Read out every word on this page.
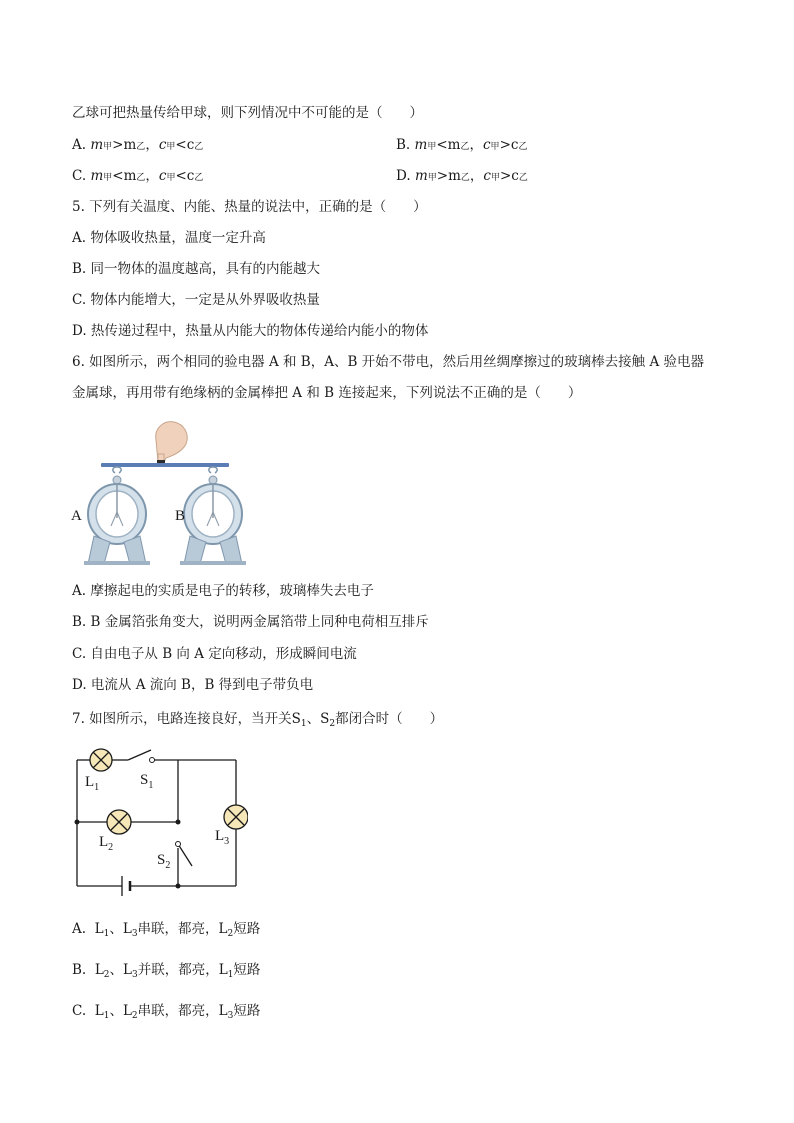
乙球可把热量传给甲球，则下列情况中不可能的是（　　）
A. m甲>m乙，c甲<c乙	B. m甲<m乙，c甲>c乙
C. m甲<m乙，c甲<c乙	D. m甲>m乙，c甲>c乙
5. 下列有关温度、内能、热量的说法中，正确的是（　　）
A. 物体吸收热量，温度一定升高
B. 同一物体的温度越高，具有的内能越大
C. 物体内能增大，一定是从外界吸收热量
D. 热传递过程中，热量从内能大的物体传递给内能小的物体
6. 如图所示，两个相同的验电器 A 和 B，A、B 开始不带电，然后用丝绸摩擦过的玻璃棒去接触 A 验电器
金属球，再用带有绝缘柄的金属棒把 A 和 B 连接起来，下列说法不正确的是（　　）
A	B
A. 摩擦起电的实质是电子的转移，玻璃棒失去电子
B. B 金属箔张角变大，说明两金属箔带上同种电荷相互排斥
C. 自由电子从 B 向 A 定向移动，形成瞬间电流
D. 电流从 A 流向 B，B 得到电子带负电
7. 如图所示，电路连接良好，当开关$S_1$、$S_2$都闭合时（　　）
$L_1$	$S_1$
$L_2$
$L_3$
$S_2$
A. $L_1$、$L_3$串联，都亮，$L_2$短路
B. $L_2$、$L_3$并联，都亮，$L_1$短路
C. $L_1$、$L_2$串联，都亮，$L_3$短路
